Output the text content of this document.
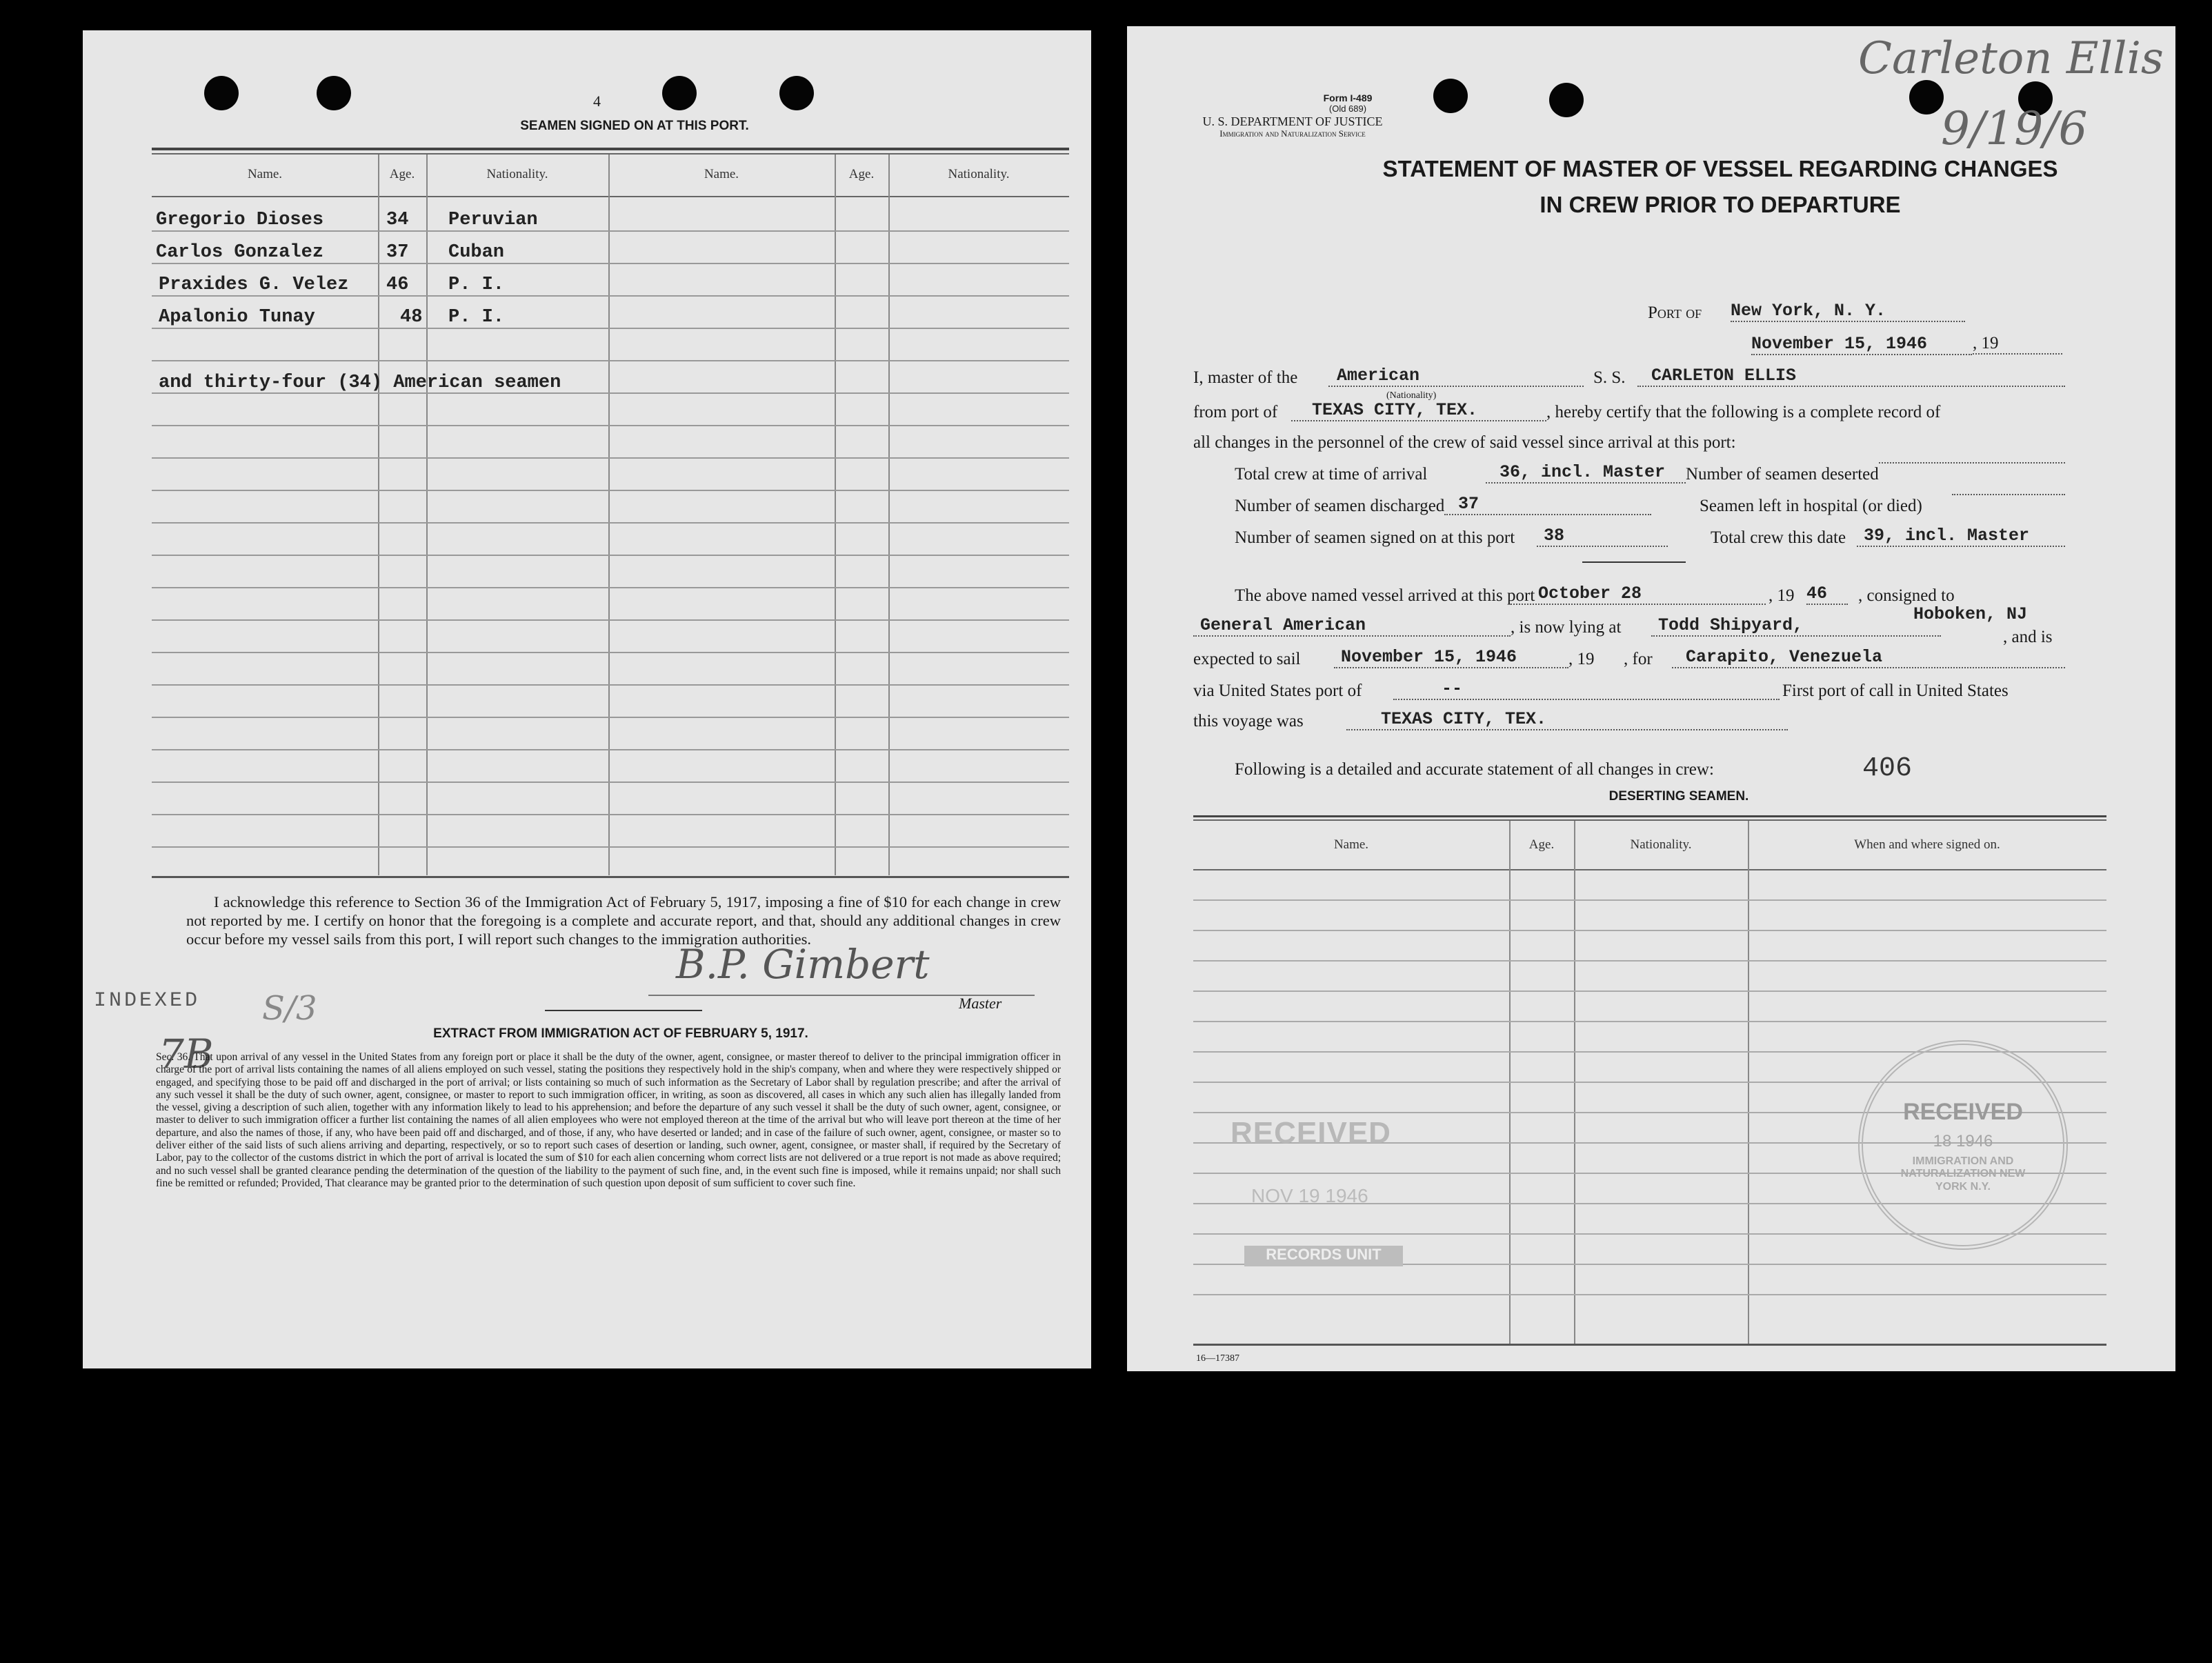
4
SEAMEN SIGNED ON AT THIS PORT.
Name.	Age.	Nationality.	Name.	Age.	Nationality.
Gregorio Dioses	34 Peruvian
Carlos Gonzalez	37 Cuban
Praxides G. Velez 46 P. I.
Apalonio Tunay	48 P. I.
and thirty-four (34) American seamen
I acknowledge this reference to Section 36 of the Immigration Act of February 5, 1917, imposing a fine of $10 for each change in crew not reported by me. I certify on honor that the foregoing is a complete and accurate report, and that, should any additional changes in crew occur before my vessel sails from this port, I will report such changes to the immigration authorities.
B.P. Gimbert
Master
INDEXED S/3
7B	EXTRACT FROM IMMIGRATION ACT OF FEBRUARY 5, 1917.
Sec. 36. That upon arrival of any vessel in the United States from any foreign port or place it shall be the duty of the owner, agent, consignee, or master thereof to deliver to the principal immigration officer in charge of the port of arrival lists containing the names of all aliens employed on such vessel, stating the positions they respectively hold in the ship's company, when and where they were respectively shipped or engaged, and specifying those to be paid off and discharged in the port of arrival; or lists containing so much of such information as the Secretary of Labor shall by regulation prescribe; and after the arrival of any such vessel it shall be the duty of such owner, agent, consignee, or master to report to such immigration officer, in writing, as soon as discovered, all cases in which any such alien has illegally landed from the vessel, giving a description of such alien, together with any information likely to lead to his apprehension; and before the departure of any such vessel it shall be the duty of such owner, agent, consignee, or master to deliver to such immigration officer a further list containing the names of all alien employees who were not employed thereon at the time of the arrival but who will leave port thereon at the time of her departure, and also the names of those, if any, who have been paid off and discharged, and of those, if any, who have deserted or landed; and in case of the failure of such owner, agent, consignee, or master so to deliver either of the said lists of such aliens arriving and departing, respectively, or so to report such cases of desertion or landing, such owner, agent, consignee, or master shall, if required by the Secretary of Labor, pay to the collector of the customs district in which the port of arrival is located the sum of $10 for each alien concerning whom correct lists are not delivered or a true report is not made as above required; and no such vessel shall be granted clearance pending the determination of the question of the liability to the payment of such fine, and, in the event such fine is imposed, while it remains unpaid; nor shall such fine be remitted or refunded; Provided, That clearance may be granted prior to the determination of such question upon deposit of sum sufficient to cover such fine.
Form I-489
(Old 689)
U. S. DEPARTMENT OF JUSTICE
Immigration and Naturalization Service
STATEMENT OF MASTER OF VESSEL REGARDING CHANGES
IN CREW PRIOR TO DEPARTURE
Carleton Ellis
9/19/6
Port of New York, N. Y.
November 15, 1946	, 19
I, master of the	American
(Nationality)
S. S.	CARLETON ELLIS
from port of	TEXAS CITY, TEX.	, hereby certify that the following is a complete record of
all changes in the personnel of the crew of said vessel since arrival at this port:
Total crew at time of arrival	36, incl. Master	Number of seamen deserted
Number of seamen discharged 37	Seamen left in hospital (or died)
Number of seamen signed on at this port	38	Total crew this date	39, incl. Master
The above named vessel arrived at this port October 28	, 19 46	, consigned to
General American	, is now lying at	Todd Shipyard,
Hoboken, NJ
, and is
expected to sail	November 15, 1946	, 19 , for	Carapito, Venezuela
via United States port of	--	First port of call in United States
this voyage was	TEXAS CITY, TEX.
Following is a detailed and accurate statement of all changes in crew:	406
DESERTING SEAMEN.
Name.	Age.	Nationality.	When and where signed on.
RECEIVED
NOV 19 1946
RECORDS UNIT
RECEIVED
18 1946
IMMIGRATION AND NATURALIZATION NEW YORK N.Y.
16—17387
